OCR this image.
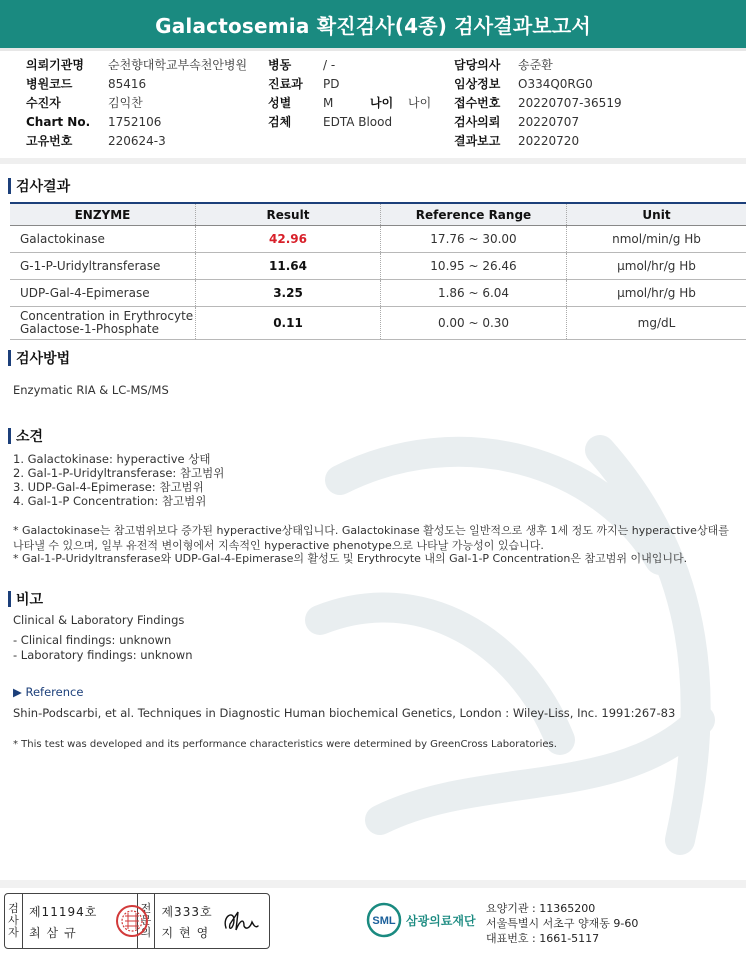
Galactosemia 확진검사(4종) 검사결과보고서
의뢰기관명 순천향대학교부속천안병원
병원코드	85416
수진자	김익찬
Chart No. 1752106
고유번호	220624-3
병동	/ -
진료과 PD
성별	M	나이 나이
검체	EDTA Blood
담당의사 송준환
임상정보 O334Q0RG0
접수번호 20220707-36519
검사의뢰 20220707
결과보고 20220720
검사결과
ENZYME	Result	Reference Range	Unit
Galactokinase	42.96	17.76 ~ 30.00	nmol/min/g Hb
G-1-P-Uridyltransferase	11.64	10.95 ~ 26.46	μmol/hr/g Hb
UDP-Gal-4-Epimerase	3.25	1.86 ~ 6.04	μmol/hr/g Hb

Concentration in Erythrocyte
Galactose-1-Phosphate	0.11	0.00 ~ 0.30	mg/dL
검사방법
Enzymatic RIA & LC-MS/MS
소견
1. Galactokinase: hyperactive 상태
2. Gal-1-P-Uridyltransferase: 참고범위
3. UDP-Gal-4-Epimerase: 참고범위
4. Gal-1-P Concentration: 참고범위
* Galactokinase는 참고범위보다 증가된 hyperactive상태입니다. Galactokinase 활성도는 일반적으로 생후 1세 정도 까지는 hyperactive상태를 나타낼 수 있으며, 일부 유전적 변이형에서 지속적인 hyperactive phenotype으로 나타날 가능성이 있습니다.
* Gal-1-P-Uridyltransferase와 UDP-Gal-4-Epimerase의 활성도 및 Erythrocyte 내의 Gal-1-P Concentration은 참고범위 이내입니다.
비고
Clinical & Laboratory Findings
- Clinical findings: unknown
- Laboratory findings: unknown
▶ Reference
Shin-Podscarbi, et al. Techniques in Diagnostic Human biochemical Genetics, London : Wiley-Liss, Inc. 1991:267-83
* This test was developed and its performance characteristics were determined by GreenCross Laboratories.
검
사
자
제11194호
최삼규
전
문
의
제333호
지현영
SML 삼광의료재단
요양기관 : 11365200
서울특별시 서초구 양재동 9-60
대표번호 : 1661-5117
